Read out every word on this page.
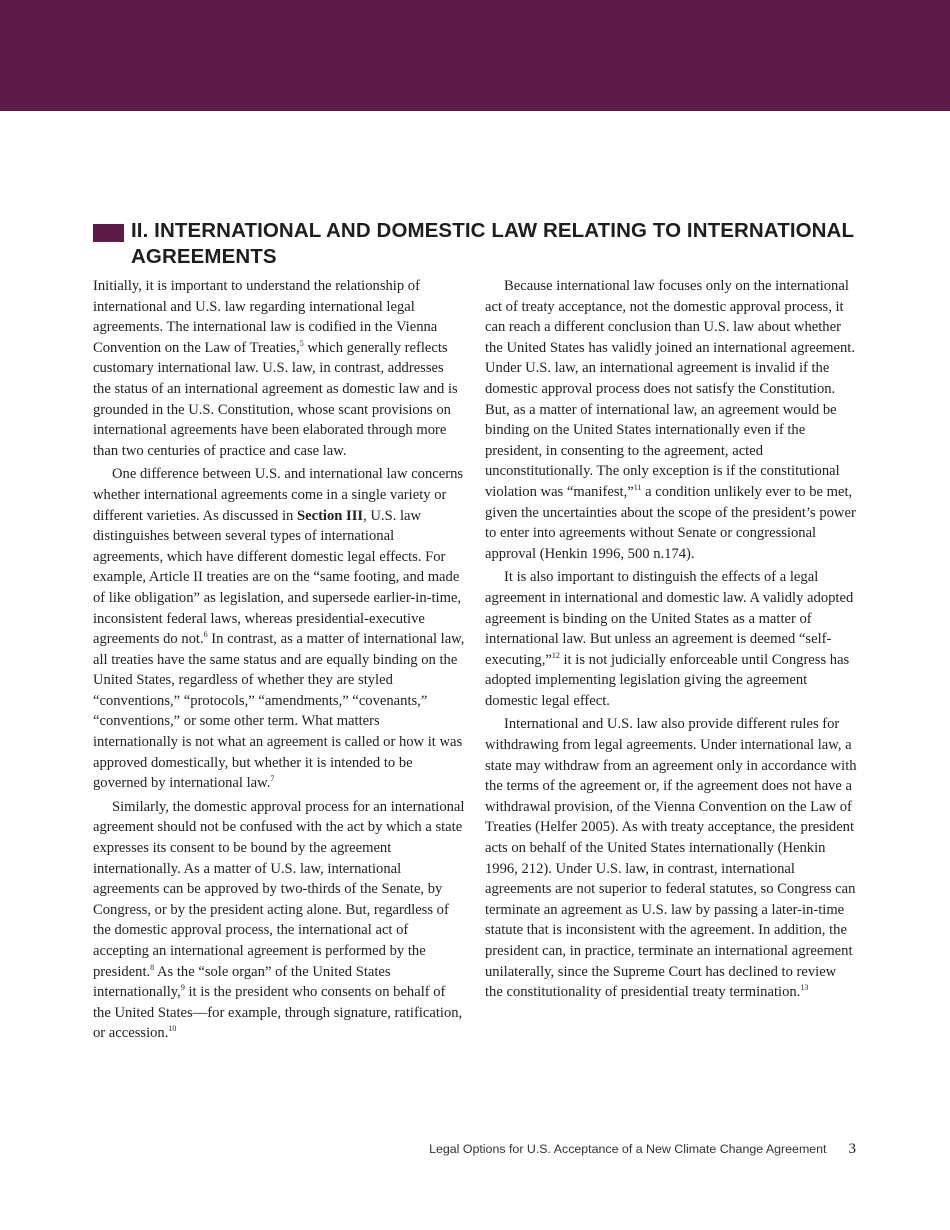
II. INTERNATIONAL AND DOMESTIC LAW RELATING TO INTERNATIONAL AGREEMENTS

Initially, it is important to understand the relationship of international and U.S. law regarding international legal agreements. The international law is codified in the Vienna Convention on the Law of Treaties,$^5$ which generally reflects customary international law. U.S. law, in contrast, addresses the status of an international agreement as domestic law and is grounded in the U.S. Constitution, whose scant provisions on international agreements have been elaborated through more than two centuries of practice and case law.

One difference between U.S. and international law concerns whether international agreements come in a single variety or different varieties. As discussed in Section III, U.S. law distinguishes between several types of international agreements, which have different domestic legal effects. For example, Article II treaties are on the “same footing, and made of like obligation” as legislation, and supersede earlier-in-time, inconsistent federal laws, whereas presidential-executive agreements do not.$^6$ In contrast, as a matter of international law, all treaties have the same status and are equally binding on the United States, regardless of whether they are styled “conventions,” “protocols,” “amendments,” “covenants,” “conventions,” or some other term. What matters internationally is not what an agreement is called or how it was approved domestically, but whether it is intended to be governed by international law.$^7$

Similarly, the domestic approval process for an international agreement should not be confused with the act by which a state expresses its consent to be bound by the agreement internationally. As a matter of U.S. law, international agreements can be approved by two-thirds of the Senate, by Congress, or by the president acting alone. But, regardless of the domestic approval process, the international act of accepting an international agreement is performed by the president.$^8$ As the “sole organ” of the United States internationally,$^9$ it is the president who consents on behalf of the United States—for example, through signature, ratification, or accession.$^{10}$

Because international law focuses only on the international act of treaty acceptance, not the domestic approval process, it can reach a different conclusion than U.S. law about whether the United States has validly joined an international agreement. Under U.S. law, an international agreement is invalid if the domestic approval process does not satisfy the Constitution. But, as a matter of international law, an agreement would be binding on the United States internationally even if the president, in consenting to the agreement, acted unconstitutionally. The only exception is if the constitutional violation was “manifest,”$^{11}$ a condition unlikely ever to be met, given the uncertainties about the scope of the president’s power to enter into agreements without Senate or congressional approval (Henkin 1996, 500 n.174).

It is also important to distinguish the effects of a legal agreement in international and domestic law. A validly adopted agreement is binding on the United States as a matter of international law. But unless an agreement is deemed “self-executing,”$^{12}$ it is not judicially enforceable until Congress has adopted implementing legislation giving the agreement domestic legal effect.

International and U.S. law also provide different rules for withdrawing from legal agreements. Under international law, a state may withdraw from an agreement only in accordance with the terms of the agreement or, if the agreement does not have a withdrawal provision, of the Vienna Convention on the Law of Treaties (Helfer 2005). As with treaty acceptance, the president acts on behalf of the United States internationally (Henkin 1996, 212). Under U.S. law, in contrast, international agreements are not superior to federal statutes, so Congress can terminate an agreement as U.S. law by passing a later-in-time statute that is inconsistent with the agreement. In addition, the president can, in practice, terminate an international agreement unilaterally, since the Supreme Court has declined to review the constitutionality of presidential treaty termination.$^{13}$

Legal Options for U.S. Acceptance of a New Climate Change Agreement 3
